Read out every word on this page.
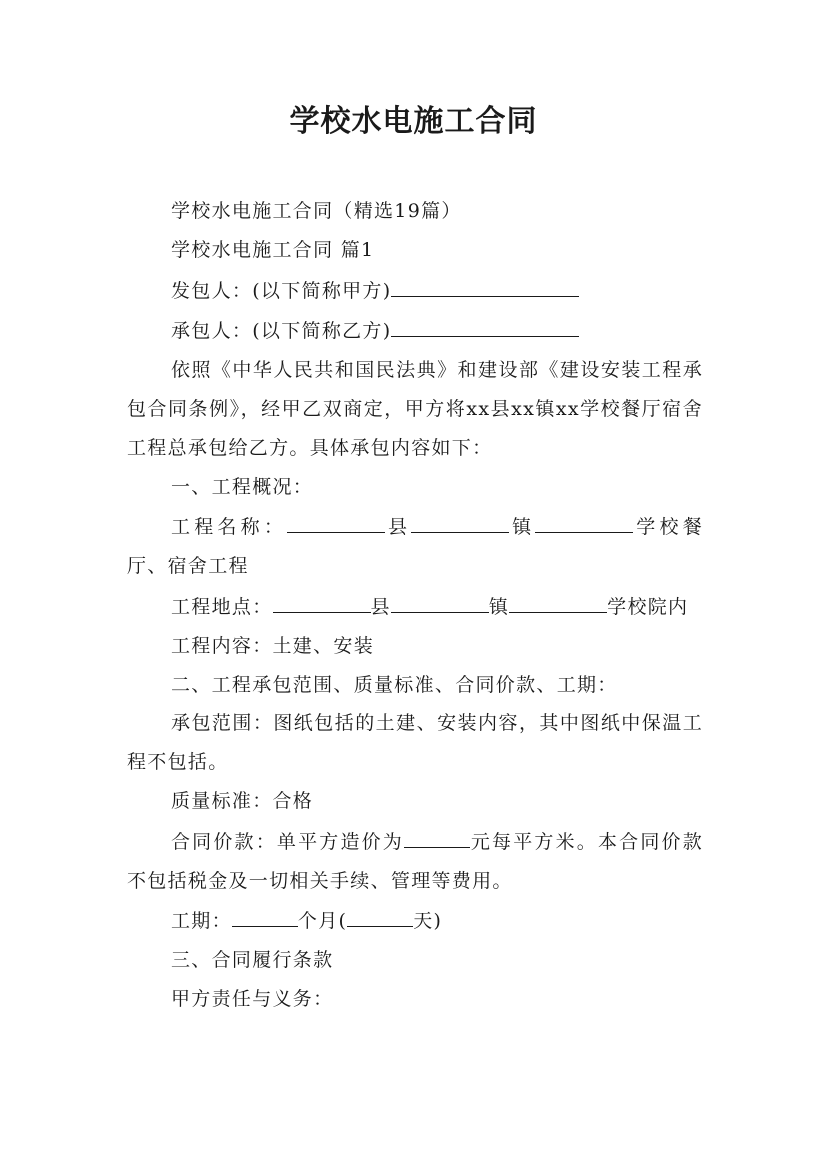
学校水电施工合同

学校水电施工合同（精选19篇）

学校水电施工合同 篇1

发包人：(以下简称甲方)

承包人：(以下简称乙方)

依照《中华人民共和国民法典》和建设部《建设安装工程承包合同条例》，经甲乙双商定，甲方将xx县xx镇xx学校餐厅宿舍工程总承包给乙方。具体承包内容如下：

一、工程概况：

工程名称：	县	镇	学校餐厅、宿舍工程

工程地点：	县	镇	学校院内

工程内容：土建、安装

二、工程承包范围、质量标准、合同价款、工期：

承包范围：图纸包括的土建、安装内容，其中图纸中保温工程不包括。

质量标准：合格

合同价款：单平方造价为	元每平方米。本合同价款不包括税金及一切相关手续、管理等费用。

工期：	个月(	天)

三、合同履行条款

甲方责任与义务：
